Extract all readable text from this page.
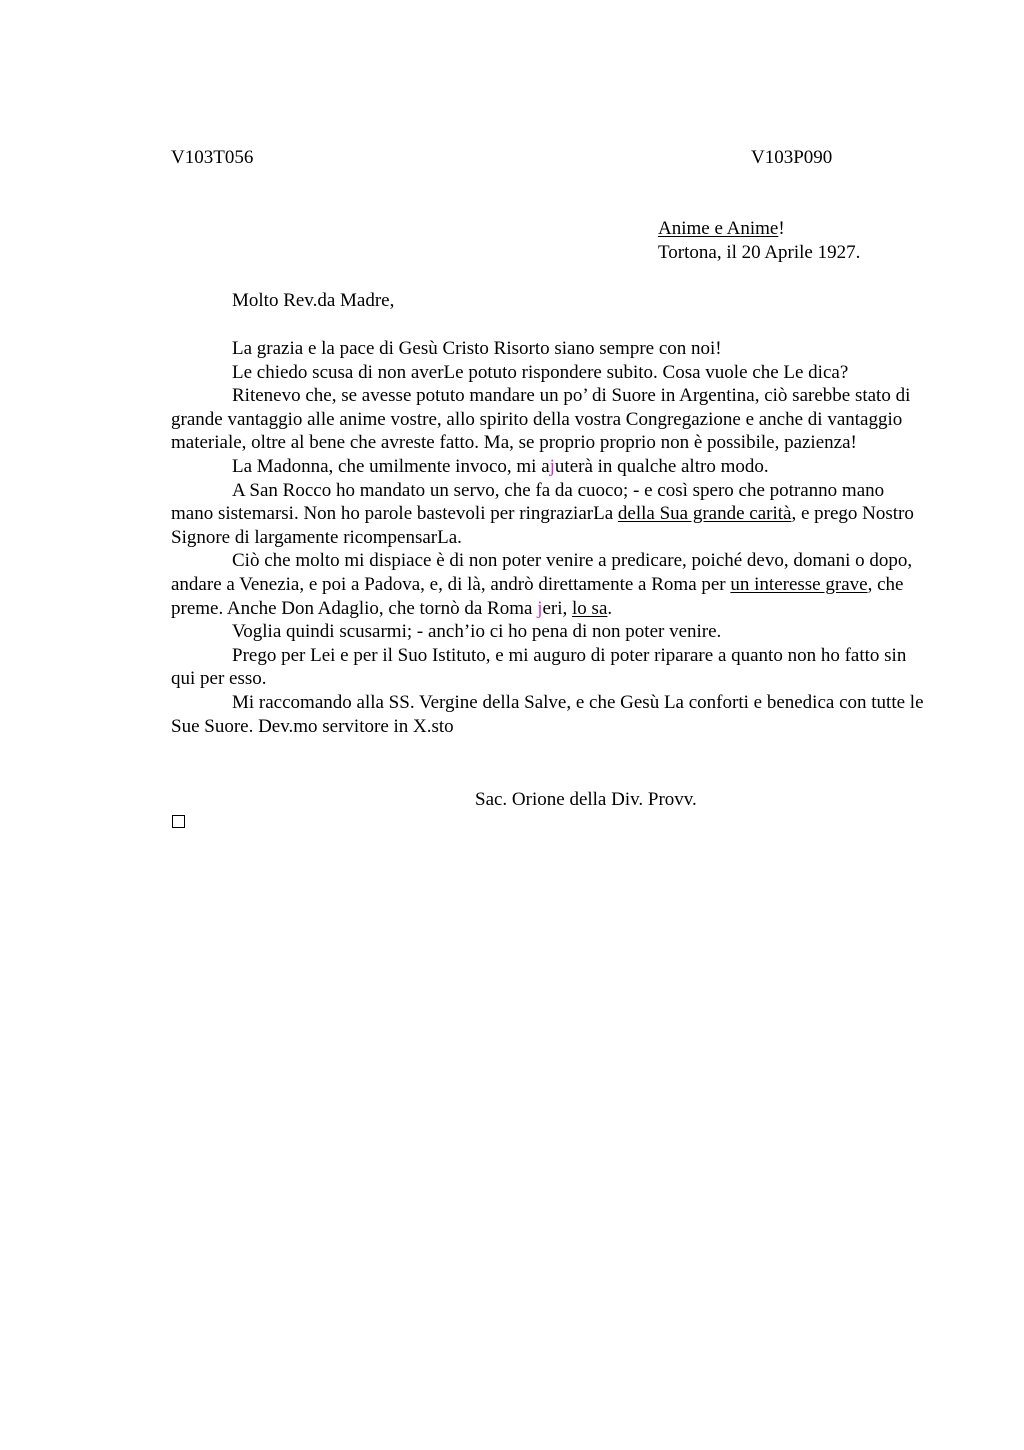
V103T056	V103P090
Anime e Anime!
Tortona, il 20 Aprile 1927.
Molto Rev.da Madre,

La grazia e la pace di Gesù Cristo Risorto siano sempre con noi!

Le chiedo scusa di non averLe potuto rispondere subito. Cosa vuole che Le dica?

Ritenevo che, se avesse potuto mandare un po’ di Suore in Argentina, ciò sarebbe stato di grande vantaggio alle anime vostre, allo spirito della vostra Congregazione e anche di vantaggio materiale, oltre al bene che avreste fatto. Ma, se proprio proprio non è possibile, pazienza!

La Madonna, che umilmente invoco, mi ajuterà in qualche altro modo.

A San Rocco ho mandato un servo, che fa da cuoco; - e così spero che potranno mano mano sistemarsi. Non ho parole bastevoli per ringraziarLa della Sua grande carità, e prego Nostro Signore di largamente ricompensarLa.

Ciò che molto mi dispiace è di non poter venire a predicare, poiché devo, domani o dopo, andare a Venezia, e poi a Padova, e, di là, andrò direttamente a Roma per un interesse grave, che preme. Anche Don Adaglio, che tornò da Roma jeri, lo sa.

Voglia quindi scusarmi; - anch’io ci ho pena di non poter venire.

Prego per Lei e per il Suo Istituto, e mi auguro di poter riparare a quanto non ho fatto sin qui per esso.

Mi raccomando alla SS. Vergine della Salve, e che Gesù La conforti e benedica con tutte le Sue Suore. Dev.mo servitore in X.sto

Sac. Orione della Div. Provv.
